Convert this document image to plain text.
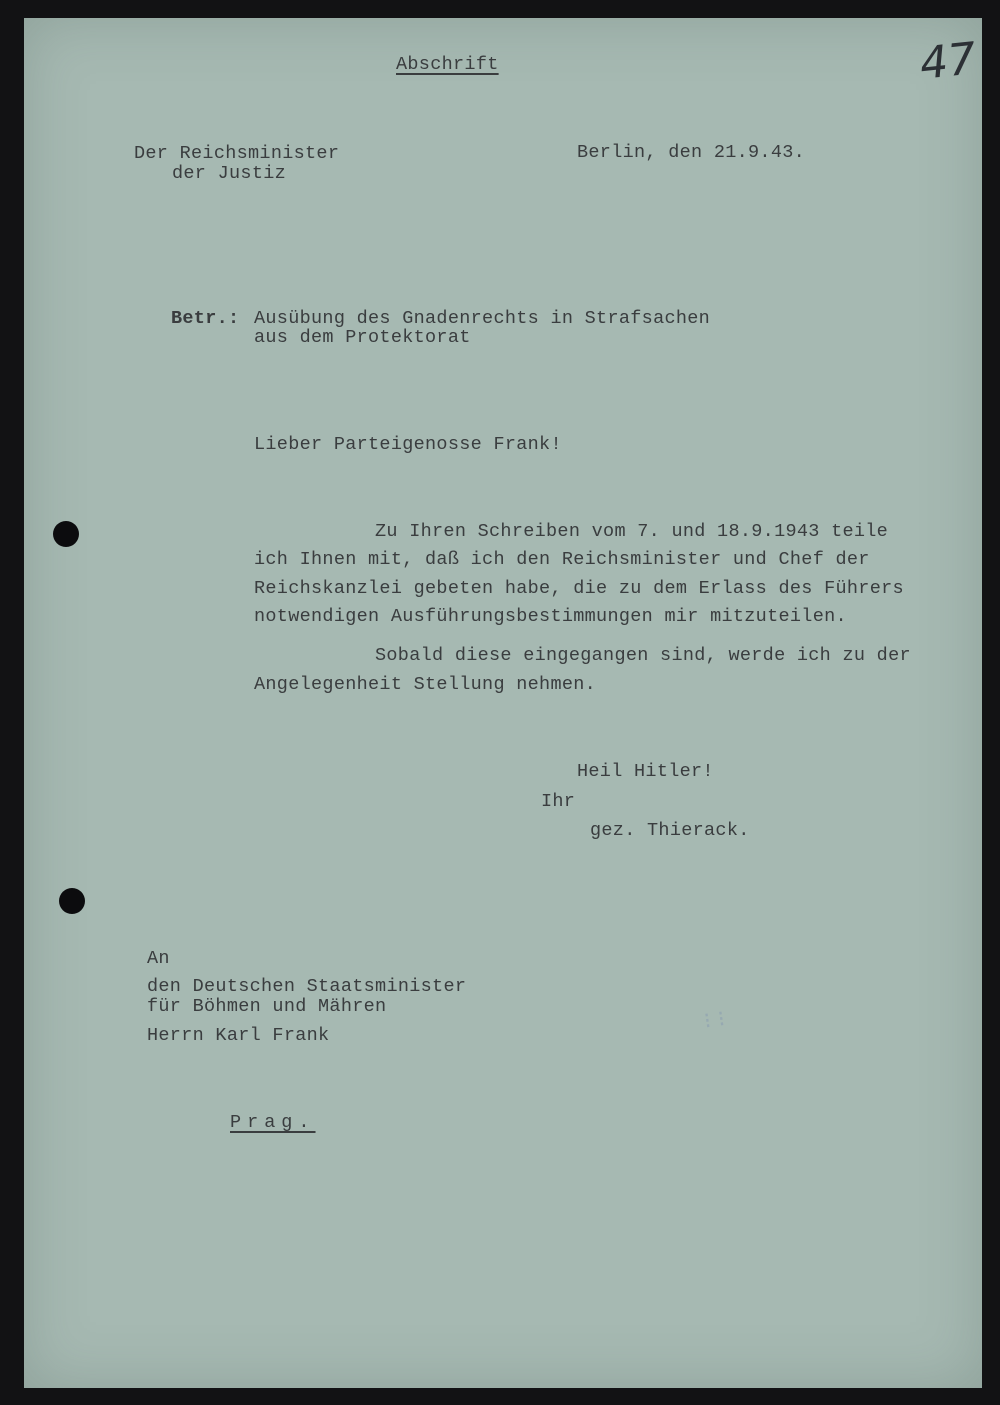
Abschrift	47
Der Reichsminister
der Justiz
Berlin, den 21.9.43.
Betr.: Ausübung des Gnadenrechts in Strafsachen
aus dem Protektorat
Lieber Parteigenosse Frank!
Zu Ihren Schreiben vom 7. und 18.9.1943 teile
ich Ihnen mit, daß ich den Reichsminister und Chef der
Reichskanzlei gebeten habe, die zu dem Erlass des Führers
notwendigen Ausführungsbestimmungen mir mitzuteilen.
Sobald diese eingegangen sind, werde ich zu der
Angelegenheit Stellung nehmen.
Heil Hitler!
Ihr
gez. Thierack.
An
den Deutschen Staatsminister
für Böhmen und Mähren
Herrn Karl Frank
Prag.
⁝ ⁝
